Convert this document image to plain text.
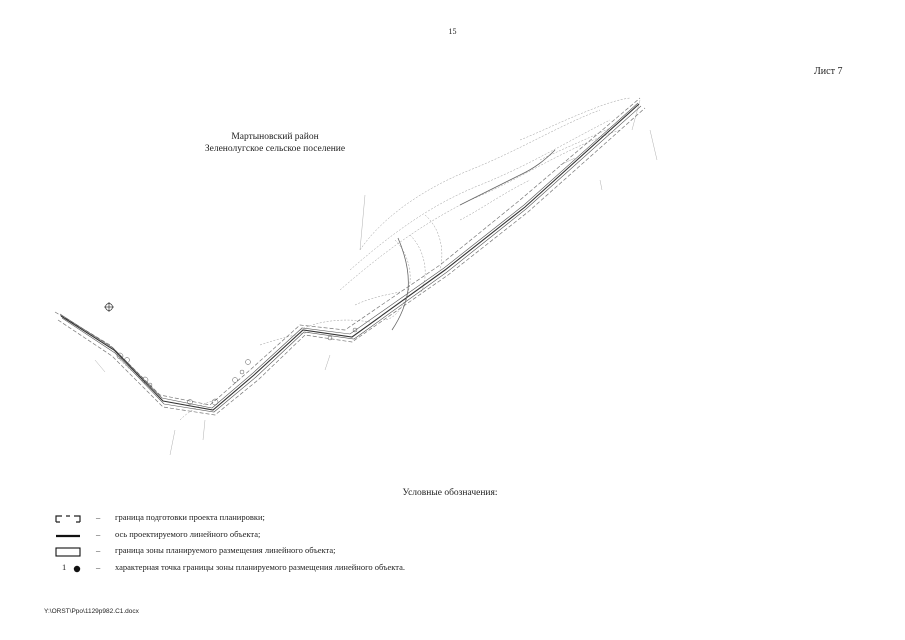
15
Лист 7
Мартыновский район
Зеленолугское сельское поселение
Условные обозначения:
– граница подготовки проекта планировки;
– ось проектируемого линейного объекта;
– граница зоны планируемого размещения линейного объекта;
1	– характерная точка границы зоны планируемого размещения линейного объекта.
Y:\ORST\Ppo\1129p982.C1.docx
